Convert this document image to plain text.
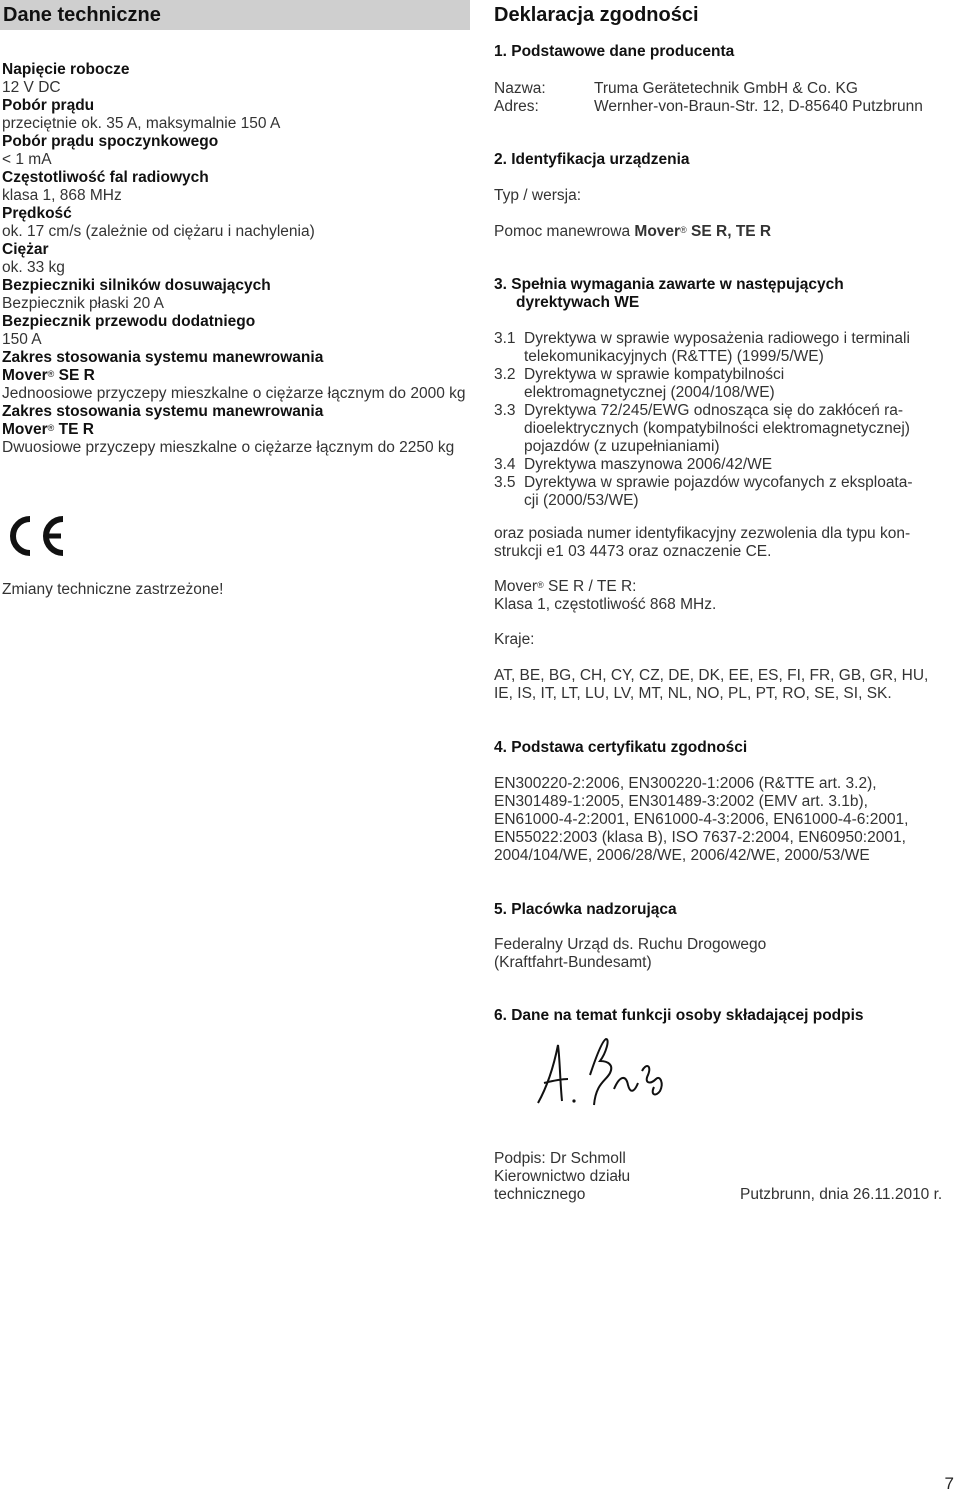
Dane techniczne
Napięcie robocze
12 V DC
Pobór prądu
przeciętnie ok. 35 A, maksymalnie 150 A
Pobór prądu spoczynkowego
< 1 mA
Częstotliwość fal radiowych
klasa 1, 868 MHz
Prędkość
ok. 17 cm/s (zależnie od ciężaru i nachylenia)
Ciężar
ok. 33 kg
Bezpieczniki silników dosuwających
Bezpiecznik płaski 20 A
Bezpiecznik przewodu dodatniego
150 A
Zakres stosowania systemu manewrowania
Mover® SE R
Jednoosiowe przyczepy mieszkalne o ciężarze łącznym do 2000 kg
Zakres stosowania systemu manewrowania
Mover® TE R
Dwuosiowe przyczepy mieszkalne o ciężarze łącznym do 2250 kg
Zmiany techniczne zastrzeżone!
Deklaracja zgodności
1. Podstawowe dane producenta
Nazwa:	Truma Gerätetechnik GmbH & Co. KG
Adres:	Wernher-von-Braun-Str. 12, D-85640 Putzbrunn
2. Identyfikacja urządzenia
Typ / wersja:
Pomoc manewrowa Mover® SE R, TE R
3. Spełnia wymagania zawarte w następujących
dyrektywach WE
3.1 Dyrektywa w sprawie wyposażenia radiowego i terminali
telekomunikacyjnych (R&TTE) (1999/5/WE)
3.2 Dyrektywa w sprawie kompatybilności
elektromagnetycznej (2004/108/WE)
3.3 Dyrektywa 72/245/EWG odnosząca się do zakłóceń ra-
dioelektrycznych (kompatybilności elektromagnetycznej)
pojazdów (z uzupełnianiami)
3.4 Dyrektywa maszynowa 2006/42/WE
3.5 Dyrektywa w sprawie pojazdów wycofanych z eksploata-
cji (2000/53/WE)
oraz posiada numer identyfikacyjny zezwolenia dla typu kon-
strukcji e1 03 4473 oraz oznaczenie CE.
Mover® SE R / TE R:
Klasa 1, częstotliwość 868 MHz.
Kraje:
AT, BE, BG, CH, CY, CZ, DE, DK, EE, ES, FI, FR, GB, GR, HU,
IE, IS, IT, LT, LU, LV, MT, NL, NO, PL, PT, RO, SE, SI, SK.
4. Podstawa certyfikatu zgodności
EN300220-2:2006, EN300220-1:2006 (R&TTE art. 3.2),
EN301489-1:2005, EN301489-3:2002 (EMV art. 3.1b),
EN61000-4-2:2001, EN61000-4-3:2006, EN61000-4-6:2001,
EN55022:2003 (klasa B), ISO 7637-2:2004, EN60950:2001,
2004/104/WE, 2006/28/WE, 2006/42/WE, 2000/53/WE
5. Placówka nadzorująca
Federalny Urząd ds. Ruchu Drogowego
(Kraftfahrt-Bundesamt)
6. Dane na temat funkcji osoby składającej podpis
Podpis: Dr Schmoll
Kierownictwo działu
technicznego	Putzbrunn, dnia 26.11.2010 r.
7
